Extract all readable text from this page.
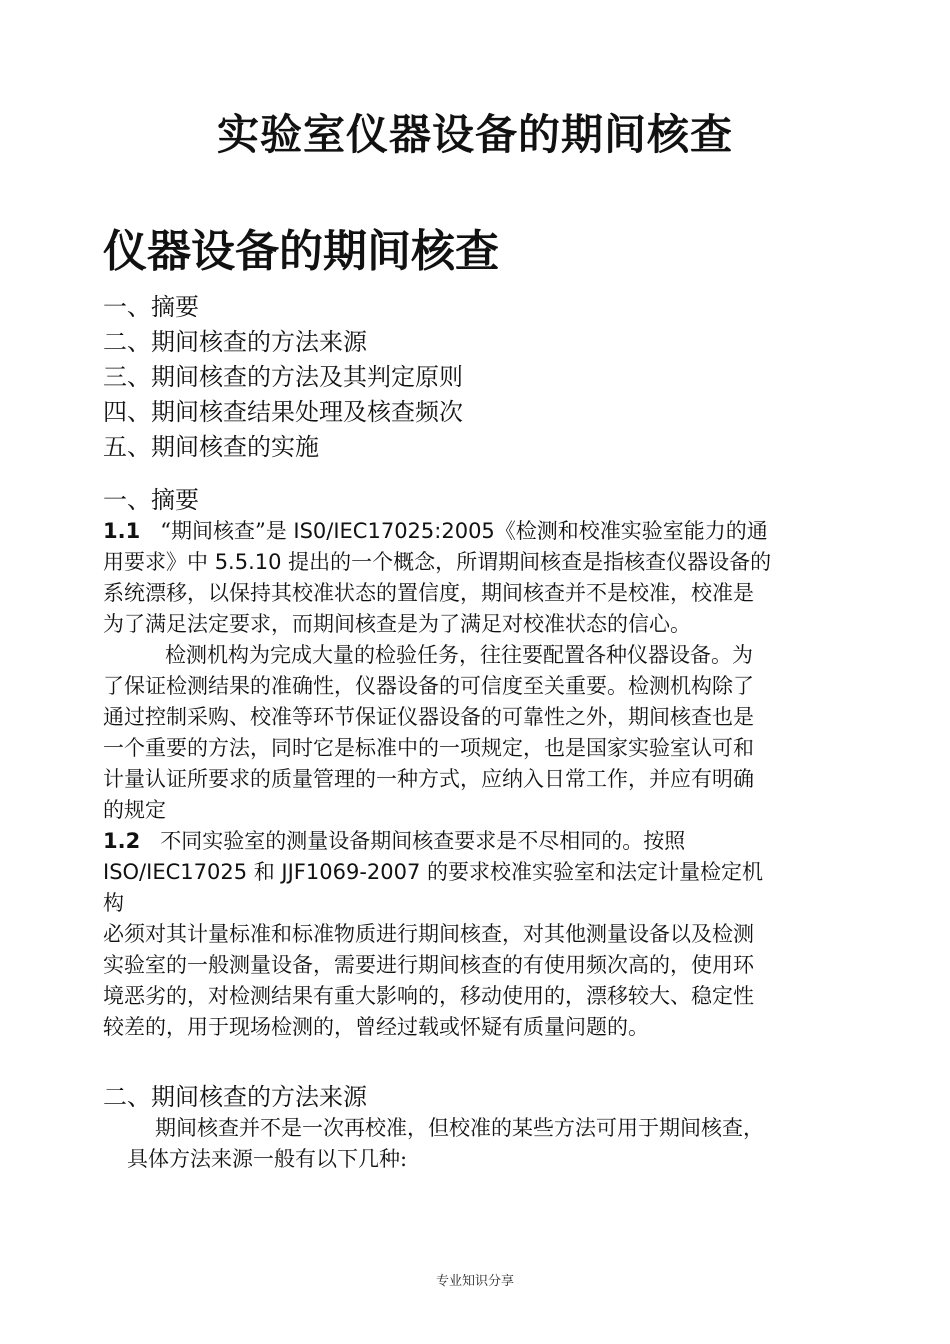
实验室仪器设备的期间核查
仪器设备的期间核查
一、摘要
二、期间核查的方法来源
三、期间核查的方法及其判定原则
四、期间核查结果处理及核查频次
五、期间核查的实施

一、摘要

1.1 “期间核查”是 IS0/IEC17025:2005《检测和校准实验室能力的通

用要求》中 5.5.10 提出的一个概念，所谓期间核查是指核查仪器设备的

系统漂移，以保持其校准状态的置信度，期间核查并不是校准，校准是

为了满足法定要求，而期间核查是为了满足对校准状态的信心。

检测机构为完成大量的检验任务，往往要配置各种仪器设备。为

了保证检测结果的准确性，仪器设备的可信度至关重要。检测机构除了

通过控制采购、校准等环节保证仪器设备的可靠性之外，期间核查也是

一个重要的方法，同时它是标准中的一项规定，也是国家实验室认可和

计量认证所要求的质量管理的一种方式，应纳入日常工作，并应有明确

的规定

1.2 不同实验室的测量设备期间核查要求是不尽相同的。按照

ISO/IEC17025 和 JJF1069-2007 的要求校准实验室和法定计量检定机

构

必须对其计量标准和标准物质进行期间核查，对其他测量设备以及检测

实验室的一般测量设备，需要进行期间核查的有使用频次高的，使用环

境恶劣的，对检测结果有重大影响的，移动使用的，漂移较大、稳定性

较差的，用于现场检测的，曾经过载或怀疑有质量问题的。

二、期间核查的方法来源

期间核查并不是一次再校准，但校准的某些方法可用于期间核查，

具体方法来源一般有以下几种:

专业知识分享
